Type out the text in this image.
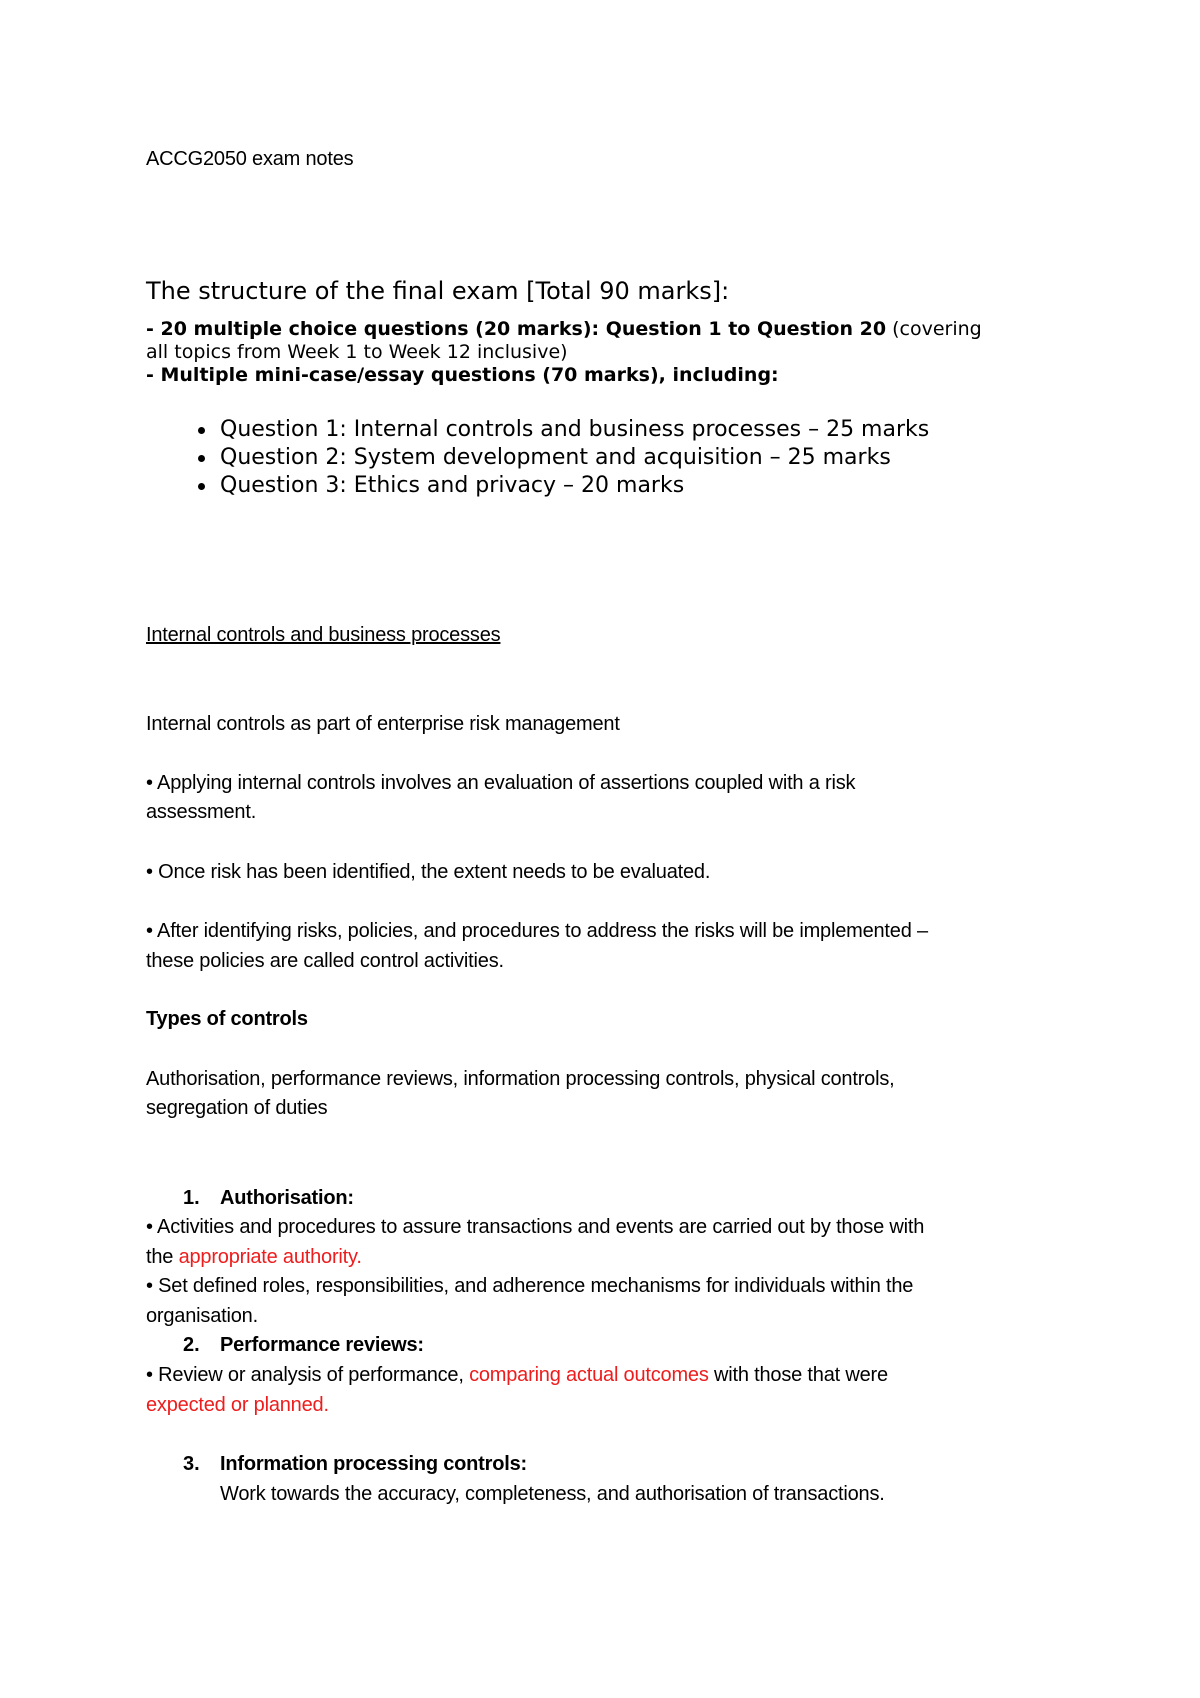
ACCG2050 exam notes
The structure of the final exam [Total 90 marks]:
- 20 multiple choice questions (20 marks): Question 1 to Question 20 (covering
all topics from Week 1 to Week 12 inclusive)
- Multiple mini-case/essay questions (70 marks), including:
Question 1: Internal controls and business processes – 25 marks
Question 2: System development and acquisition – 25 marks
Question 3: Ethics and privacy – 20 marks
Internal controls and business processes
Internal controls as part of enterprise risk management
• Applying internal controls involves an evaluation of assertions coupled with a risk
assessment.
• Once risk has been identified, the extent needs to be evaluated.
• After identifying risks, policies, and procedures to address the risks will be implemented –
these policies are called control activities.
Types of controls
Authorisation, performance reviews, information processing controls, physical controls,
segregation of duties
1. Authorisation:
• Activities and procedures to assure transactions and events are carried out by those with
the appropriate authority.
• Set defined roles, responsibilities, and adherence mechanisms for individuals within the
organisation.
2. Performance reviews:
• Review or analysis of performance, comparing actual outcomes with those that were
expected or planned.
3. Information processing controls:
Work towards the accuracy, completeness, and authorisation of transactions.
